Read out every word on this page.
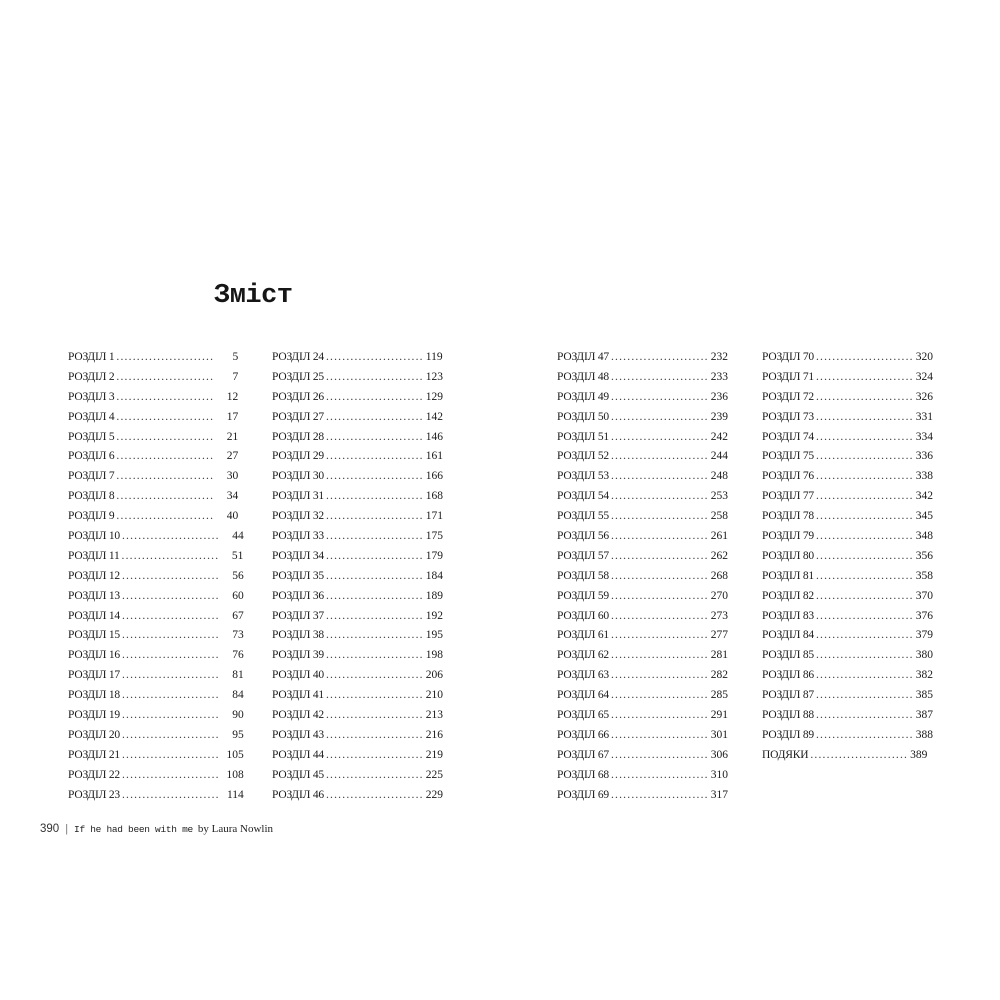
Зміст
РОЗДІЛ 1 ........................	5
РОЗДІЛ 2 ........................	7
РОЗДІЛ 3 ........................	12
РОЗДІЛ 4 ........................	17
РОЗДІЛ 5 ........................	21
РОЗДІЛ 6 ........................	27
РОЗДІЛ 7 ........................	30
РОЗДІЛ 8 ........................	34
РОЗДІЛ 9 ........................	40
РОЗДІЛ 10 ........................	44
РОЗДІЛ 11 ........................	51
РОЗДІЛ 12 ........................	56
РОЗДІЛ 13 ........................	60
РОЗДІЛ 14 ........................	67
РОЗДІЛ 15 ........................	73
РОЗДІЛ 16 ........................	76
РОЗДІЛ 17 ........................	81
РОЗДІЛ 18 ........................	84
РОЗДІЛ 19 ........................	90
РОЗДІЛ 20 ........................	95
РОЗДІЛ 21 ........................ 105
РОЗДІЛ 22 ........................ 108
РОЗДІЛ 23 ........................ 114
РОЗДІЛ 24 ........................ 119
РОЗДІЛ 25 ........................ 123
РОЗДІЛ 26 ........................ 129
РОЗДІЛ 27 ........................ 142
РОЗДІЛ 28 ........................ 146
РОЗДІЛ 29 ........................ 161
РОЗДІЛ 30 ........................ 166
РОЗДІЛ 31 ........................ 168
РОЗДІЛ 32 ........................ 171
РОЗДІЛ 33 ........................ 175
РОЗДІЛ 34 ........................ 179
РОЗДІЛ 35 ........................ 184
РОЗДІЛ 36 ........................ 189
РОЗДІЛ 37 ........................ 192
РОЗДІЛ 38 ........................ 195
РОЗДІЛ 39 ........................ 198
РОЗДІЛ 40 ........................ 206
РОЗДІЛ 41 ........................ 210
РОЗДІЛ 42 ........................ 213
РОЗДІЛ 43 ........................ 216
РОЗДІЛ 44 ........................ 219
РОЗДІЛ 45 ........................ 225
РОЗДІЛ 46 ........................ 229
РОЗДІЛ 47 ........................ 232
РОЗДІЛ 48 ........................ 233
РОЗДІЛ 49 ........................ 236
РОЗДІЛ 50 ........................ 239
РОЗДІЛ 51 ........................ 242
РОЗДІЛ 52 ........................ 244
РОЗДІЛ 53 ........................ 248
РОЗДІЛ 54 ........................ 253
РОЗДІЛ 55 ........................ 258
РОЗДІЛ 56 ........................ 261
РОЗДІЛ 57 ........................ 262
РОЗДІЛ 58 ........................ 268
РОЗДІЛ 59 ........................ 270
РОЗДІЛ 60 ........................ 273
РОЗДІЛ 61 ........................ 277
РОЗДІЛ 62 ........................ 281
РОЗДІЛ 63 ........................ 282
РОЗДІЛ 64 ........................ 285
РОЗДІЛ 65 ........................ 291
РОЗДІЛ 66 ........................ 301
РОЗДІЛ 67 ........................ 306
РОЗДІЛ 68 ........................ 310
РОЗДІЛ 69 ........................ 317
РОЗДІЛ 70 ........................ 320
РОЗДІЛ 71 ........................ 324
РОЗДІЛ 72 ........................ 326
РОЗДІЛ 73 ........................ 331
РОЗДІЛ 74 ........................ 334
РОЗДІЛ 75 ........................ 336
РОЗДІЛ 76 ........................ 338
РОЗДІЛ 77 ........................ 342
РОЗДІЛ 78 ........................ 345
РОЗДІЛ 79 ........................ 348
РОЗДІЛ 80 ........................ 356
РОЗДІЛ 81 ........................ 358
РОЗДІЛ 82 ........................ 370
РОЗДІЛ 83 ........................ 376
РОЗДІЛ 84 ........................ 379
РОЗДІЛ 85 ........................ 380
РОЗДІЛ 86 ........................ 382
РОЗДІЛ 87 ........................ 385
РОЗДІЛ 88 ........................ 387
РОЗДІЛ 89 ........................ 388
ПОДЯКИ ........................ 389
390 | If he had been with me by Laura Nowlin
